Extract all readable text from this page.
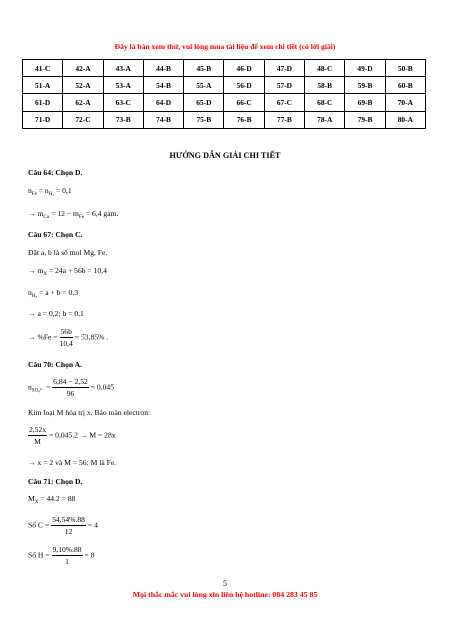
Đây là bản xem thử, vui lòng mua tài liệu để xem chi tiết (có lời giải)
41-C	42-A	43-A	44-B	45-B	46-D	47-D	48-C	49-D	50-B
51-A	52-A	53-A	54-B	55-A	56-D	57-D	58-B	59-B	60-B
61-D	62-A	63-C	64-D	65-D	66-C	67-C	68-C	69-B	70-A
71-D	72-C	73-B	74-B	75-B	76-B	77-B	78-A	79-B	80-A
HƯỚNG DẪN GIẢI CHI TIẾT
Câu 64: Chọn D.
$n_{Fe} = n_{H_2} = 0,1$
→ $m_{Cu} = 12 - m_{Fe} = 6,4$ gam.
Câu 67: Chọn C.
Đặt a, b là số mol Mg, Fe.
→ $m_X = 24a + 56b = 10,4$
$n_{H_2} = a + b = 0,3$
→ a = 0,2; b = 0,1
→ $\%Fe = \frac{56b}{10,4} = 53,85\%$ .
Câu 70: Chọn A.
$n_{SO_4^{2-}} = \frac{6,84 - 2,52}{96} = 0,045$
Kim loại M hóa trị x. Bảo toàn electron:
$\frac{2,52x}{M} = 0,045.2 \to M = 28x$
→ x = 2 và M = 56: M là Fe.
Câu 71: Chọn D.
$M_X = 44.2 = 88$
Số $C = \frac{54,54\%.88}{12} = 4$
Số $H = \frac{9,10\%.88}{1} = 8$
5
Mọi thắc mắc vui lòng xin liên hệ hotline: 084 283 45 85
